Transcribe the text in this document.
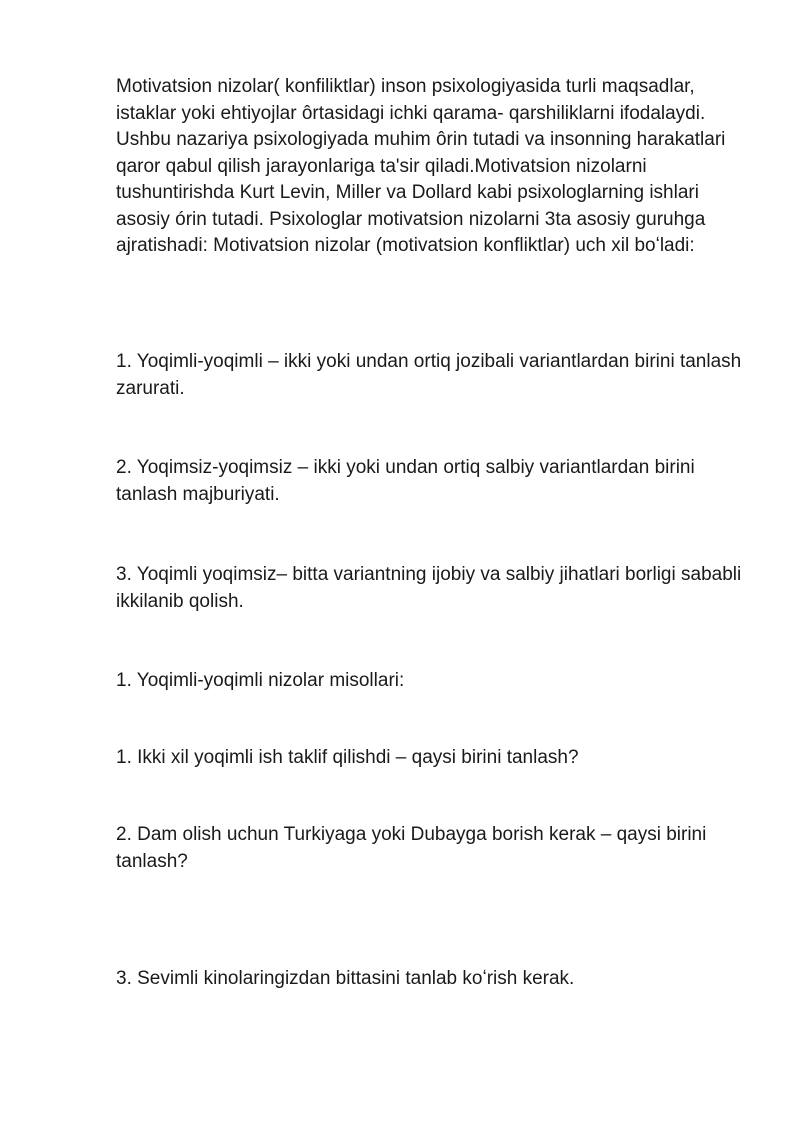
Motivatsion nizolar( konfiliktlar) inson psixologiyasida turli maqsadlar, istaklar yoki ehtiyojlar ôrtasidagi ichki qarama- qarshiliklarni ifodalaydi. Ushbu nazariya psixologiyada muhim ôrin tutadi va insonning harakatlari qaror qabul qilish jarayonlariga ta'sir qiladi.Motivatsion nizolarni tushuntirishda Kurt Levin, Miller va Dollard kabi psixologlarning ishlari asosiy órin tutadi. Psixologlar motivatsion nizolarni 3ta asosiy guruhga ajratishadi: Motivatsion nizolar (motivatsion konfliktlar) uch xil boʻladi:

1. Yoqimli-yoqimli – ikki yoki undan ortiq jozibali variantlardan birini tanlash zarurati.

2. Yoqimsiz-yoqimsiz – ikki yoki undan ortiq salbiy variantlardan birini tanlash majburiyati.

3. Yoqimli yoqimsiz– bitta variantning ijobiy va salbiy jihatlari borligi sababli ikkilanib qolish.

1. Yoqimli-yoqimli nizolar misollari:

1. Ikki xil yoqimli ish taklif qilishdi – qaysi birini tanlash?

2. Dam olish uchun Turkiyaga yoki Dubayga borish kerak – qaysi birini tanlash?

3. Sevimli kinolaringizdan bittasini tanlab koʻrish kerak.
